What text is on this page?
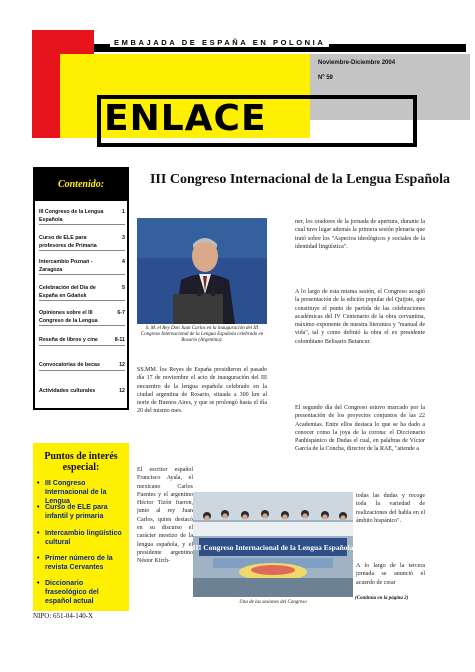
EMBAJADA DE ESPAÑA EN POLONIA
Noviembre-Diciembre 2004
Nº 59
ENLACE
Contenido:
III Congreso de la Lengua Española
1
Curso de ELE para profesores de Primaria
3
Intercambio Poznań - Zaragoza
4
Celebración del Día de España en Gdańsk
5
Opiniones sobre el III Congreso de la Lengua
6-7
Reseña de libros y cine	8-11
Convocatorias de becas	12
Actividades culturales	12
Puntos de interés especial:
• III Congreso Internacional de la Lengua
• Curso de ELE para infantil y primaria
• Intercambio lingüístico cultural
• Primer número de la revista Cervantes
• Diccionario fraseológico del español actual
NIPO: 651-04-140-X
III Congreso Internacional de la Lengua Española
S. M. el Rey Don Juan Carlos en la inauguración del III Congreso Internacional de la Lengua Española celebrado en Rosario (Argentina).
SS.MM. los Reyes de España presidieron el pasado día 17 de noviembre el acto de inauguración del III encuentro de la lengua española celebrado en la ciudad argentina de Rosario, situada a 300 km al norte de Buenos Aires, y que se prolongó hasta el día 20 del mismo mes.
El escritor español Francisco Ayala, el mexicano Carlos Fuentes y el argentino Héctor Tizón fueron, junto al rey Juan Carlos, quien destacó en su discurso el carácter mestizo de la lengua española, y el presidente argentino Néstor Kirch-
ner, los oradores de la jornada de apertura, durante la cual tuvo lugar además la primera sesión plenaria que trató sobre los "Aspectos ideológicos y sociales de la identidad lingüística".
A lo largo de esta misma sesión, el Congreso acogió la presentación de la edición popular del Quijote, que constituye el punto de partida de las celebraciones académicas del IV Centenario de la obra cervantina, máximo exponente de nuestra literatura y "manual de vida", tal y como definió la obra el ex presidente colombiano Belisario Betancur.
El segundo día del Congreso estuvo marcado por la presentación de los proyectos conjuntos de las 22 Academias. Entre ellos destaca lo que se ha dado a conocer como la joya de la corona: el Diccionario Panhispánico de Dudas el cual, en palabras de Víctor García de la Concha, director de la RAE, "atiende a
todas las dudas y recoge toda la variedad de realizaciones del habla en el ámbito hispánico".
A lo largo de la tercera jornada se anunció el acuerdo de crear
III Congreso Internacional de la Lengua Española
Una de las sesiones del Congreso
(Continúa en la página 2)
